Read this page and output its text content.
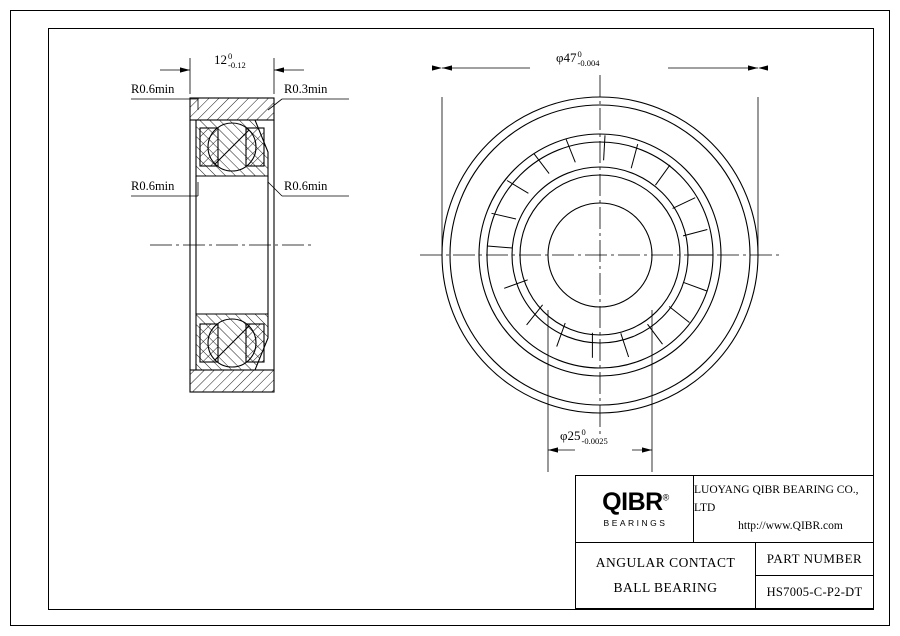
12 0
-0.12
φ47 0
-0.004
φ25 0
-0.0025
R0.6min	R0.3min
R0.6min	R0.6min
QIBR®
BEARINGS
LUOYANG QIBR BEARING CO., LTD
http://www.QIBR.com
ANGULAR CONTACT
BALL BEARING
PART NUMBER
HS7005-C-P2-DT
